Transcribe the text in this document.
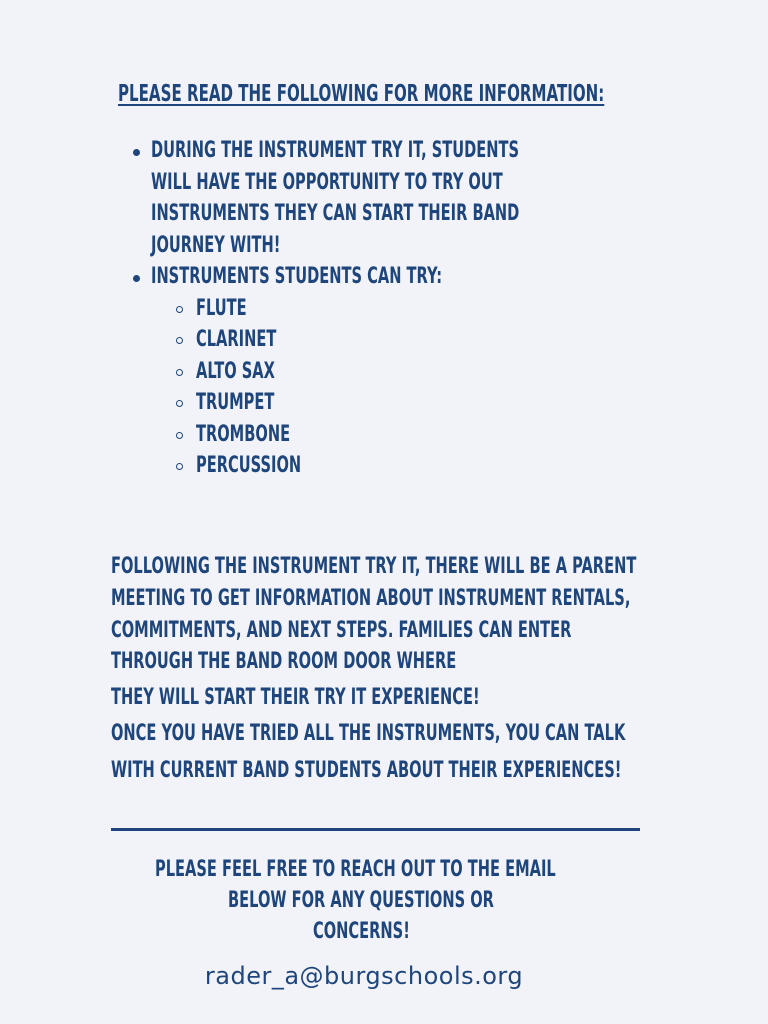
PLEASE READ THE FOLLOWING FOR MORE INFORMATION:
DURING THE INSTRUMENT TRY IT, STUDENTS
WILL HAVE THE OPPORTUNITY TO TRY OUT
INSTRUMENTS THEY CAN START THEIR BAND
JOURNEY WITH!
INSTRUMENTS STUDENTS CAN TRY:
FLUTE
CLARINET
ALTO SAX
TRUMPET
TROMBONE
PERCUSSION
FOLLOWING THE INSTRUMENT TRY IT, THERE WILL BE A PARENT
MEETING TO GET INFORMATION ABOUT INSTRUMENT RENTALS,
COMMITMENTS, AND NEXT STEPS. FAMILIES CAN ENTER
THROUGH THE BAND ROOM DOOR WHERE
THEY WILL START THEIR TRY IT EXPERIENCE!
ONCE YOU HAVE TRIED ALL THE INSTRUMENTS, YOU CAN TALK
WITH CURRENT BAND STUDENTS ABOUT THEIR EXPERIENCES!
PLEASE FEEL FREE TO REACH OUT TO THE EMAIL
BELOW FOR ANY QUESTIONS OR
CONCERNS!
rader_a@burgschools.org
